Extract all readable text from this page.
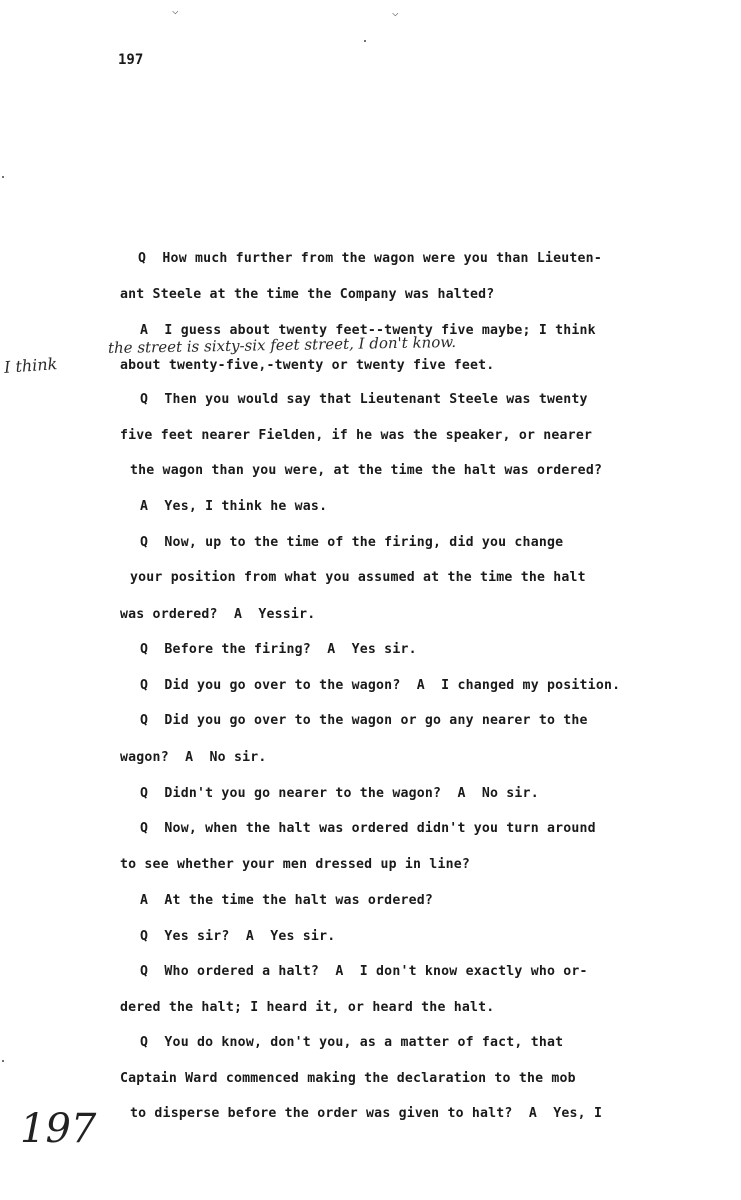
⌵	⌵
197
Q  How much further from the wagon were you than Lieuten-
ant Steele at the time the Company was halted?
A  I guess about twenty feet--twenty five maybe; I think
the street is sixty-six feet street, I don't know.
I think	about twenty-five,-twenty or twenty five feet.
Q  Then you would say that Lieutenant Steele was twenty
five feet nearer Fielden, if he was the speaker, or nearer
the wagon than you were, at the time the halt was ordered?
A  Yes, I think he was.
Q  Now, up to the time of the firing, did you change
your position from what you assumed at the time the halt
was ordered?  A  Yessir.
Q  Before the firing?  A  Yes sir.
Q  Did you go over to the wagon?  A  I changed my position.
Q  Did you go over to the wagon or go any nearer to the
wagon?  A  No sir.
Q  Didn't you go nearer to the wagon?  A  No sir.
Q  Now, when the halt was ordered didn't you turn around
to see whether your men dressed up in line?
A  At the time the halt was ordered?
Q  Yes sir?  A  Yes sir.
Q  Who ordered a halt?  A  I don't know exactly who or-
dered the halt; I heard it, or heard the halt.
Q  You do know, don't you, as a matter of fact, that
Captain Ward commenced making the declaration to the mob
to disperse before the order was given to halt?  A  Yes, I
197
